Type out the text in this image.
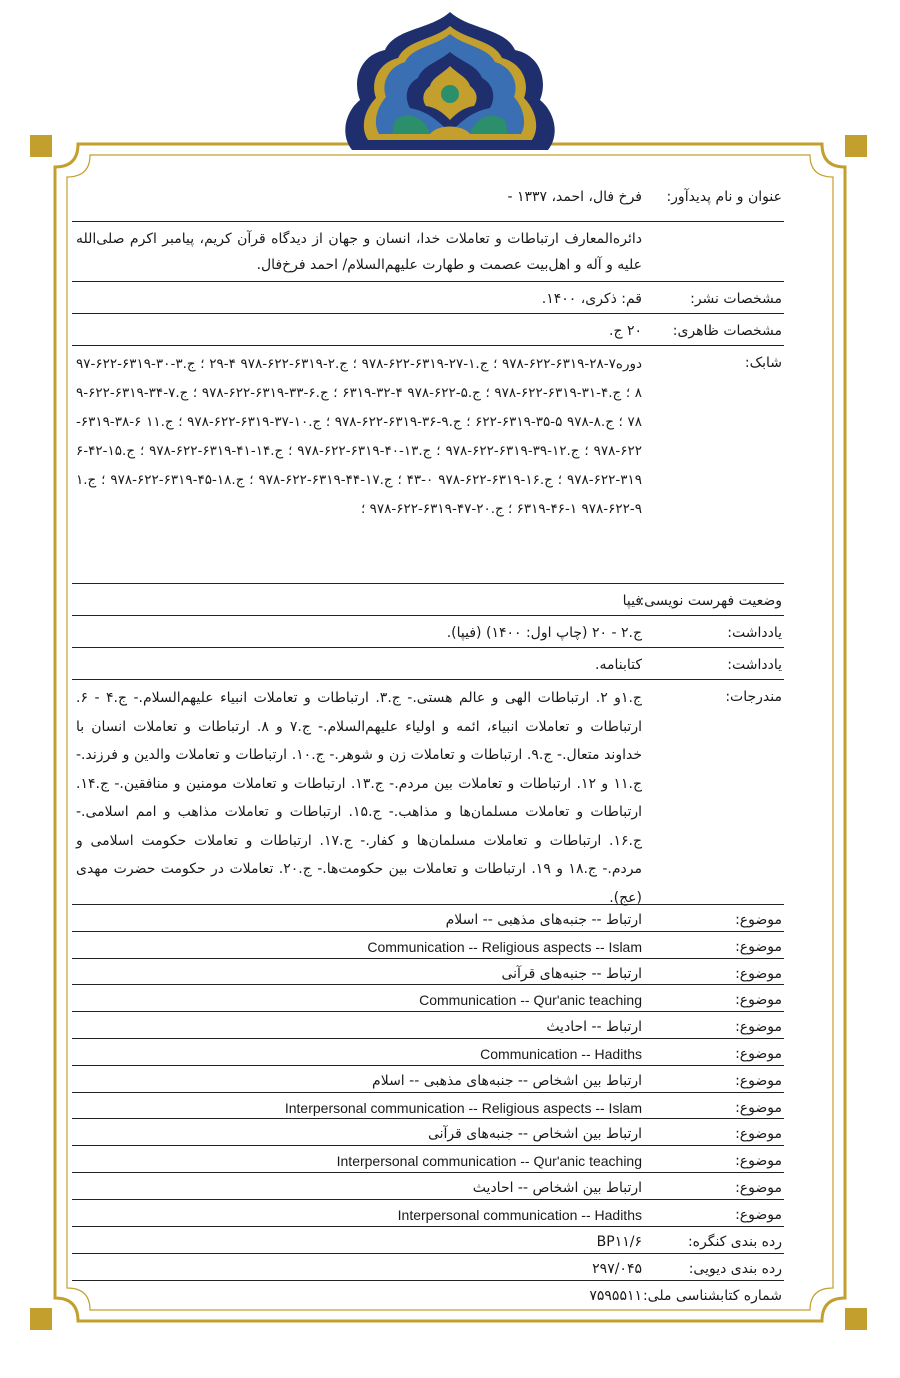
عنوان و نام پدیدآور:
فرخ فال، احمد، ۱۳۳۷ -
دائره‌المعارف ارتباطات و تعاملات خدا، انسان و جهان از دیدگاه قرآن کریم، پیامبر اکرم صلی‌الله علیه و آله و اهل‌بیت عصمت و طهارت علیهم‌السلام/ احمد فرخ‌فال.
مشخصات نشر:
قم: ذکری، ۱۴۰۰.
مشخصات ظاهری:
۲۰ ج.
شابک:
دوره۷-۲۸-۶۳۱۹-۶۲۲-۹۷۸ ؛ ج.۱-۲۷-۶۳۱۹-۶۲۲-۹۷۸ ؛ ج.۲-۶۳۱۹-۶۲۲-۹۷۸ ۴-۲۹ ؛ ج.۳-۳۰-۶۳۱۹-۶۲۲-۹۷۸ ؛ ج.۴-۳۱-۶۳۱۹-۶۲۲-۹۷۸ ؛ ج.۵-۶۲۲-۹۷۸ ۴-۳۲-۶۳۱۹ ؛ ج.۶-۳۳-۶۳۱۹-۶۲۲-۹۷۸ ؛ ج.۷-۳۴-۶۳۱۹-۶۲۲-۹۷۸ ؛ ج.۸-۹۷۸ ۵-۳۵-۶۳۱۹-۶۲۲ ؛ ج.۹-۳۶-۶۳۱۹-۶۲۲-۹۷۸ ؛ ج.۱۰-۳۷-۶۳۱۹-۶۲۲-۹۷۸ ؛ ج.۱۱ ۶-۳۸-۶۳۱۹-۶۲۲-۹۷۸ ؛ ج.۱۲-۳۹-۶۳۱۹-۶۲۲-۹۷۸ ؛ ج.۱۳-۴۰-۶۳۱۹-۶۲۲-۹۷۸ ؛ ج.۱۴-۴۱-۶۳۱۹-۶۲۲-۹۷۸ ؛ ج.۱۵-۴۲-۶۳۱۹-۶۲۲-۹۷۸ ؛ ج.۱۶-۶۳۱۹-۶۲۲-۹۷۸ ۰-۴۳ ؛ ج.۱۷-۴۴-۶۳۱۹-۶۲۲-۹۷۸ ؛ ج.۱۸-۴۵-۶۳۱۹-۶۲۲-۹۷۸ ؛ ج.۱۹-۶۲۲-۹۷۸ ۱-۴۶-۶۳۱۹ ؛ ج.۲۰-۴۷-۶۳۱۹-۶۲۲-۹۷۸ ؛
وضعیت فهرست نویسی:
فیپا
یادداشت:
ج.۲ - ۲۰ (چاپ اول: ۱۴۰۰) (فیپا).
یادداشت:
کتابنامه.
مندرجات:
ج.۱و ۲. ارتباطات الهی و عالم هستی.- ج.۳. ارتباطات و تعاملات انبیاء علیهم‌السلام.- ج.۴ - ۶. ارتباطات و تعاملات انبیاء، ائمه و اولیاء علیهم‌السلام.- ج.۷ و ۸. ارتباطات و تعاملات انسان با خداوند متعال.- ج.۹. ارتباطات و تعاملات زن و شوهر.- ج.۱۰. ارتباطات و تعاملات والدین و فرزند.- ج.۱۱ و ۱۲. ارتباطات و تعاملات بین مردم.- ج.۱۳. ارتباطات و تعاملات مومنین و منافقین.- ج.۱۴. ارتباطات و تعاملات مسلمان‌ها و مذاهب.- ج.۱۵. ارتباطات و تعاملات مذاهب و امم اسلامی.- ج.۱۶. ارتباطات و تعاملات مسلمان‌ها و کفار.- ج.۱۷. ارتباطات و تعاملات حکومت اسلامی و مردم.- ج.۱۸ و ۱۹. ارتباطات و تعاملات بین حکومت‌ها.- ج.۲۰. تعاملات در حکومت حضرت مهدی (عج).
موضوع:
ارتباط -- جنبه‌های مذهبی -- اسلام
موضوع:
Communication -- Religious aspects -- Islam
موضوع:
ارتباط -- جنبه‌های قرآنی
موضوع:
Communication -- Qur'anic teaching
موضوع:
ارتباط -- احادیث
موضوع:
Communication -- Hadiths
موضوع:
ارتباط بین اشخاص -- جنبه‌های مذهبی -- اسلام
موضوع:
Interpersonal communication -- Religious aspects -- Islam
موضوع:
ارتباط بین اشخاص -- جنبه‌های قرآنی
موضوع:
Interpersonal communication -- Qur'anic teaching
موضوع:
ارتباط بین اشخاص -- احادیث
موضوع:
Interpersonal communication -- Hadiths
رده بندی کنگره:
BP۱۱/۶
رده بندی دیویی:
۲۹۷/۰۴۵
شماره کتابشناسی ملی:
۷۵۹۵۵۱۱
